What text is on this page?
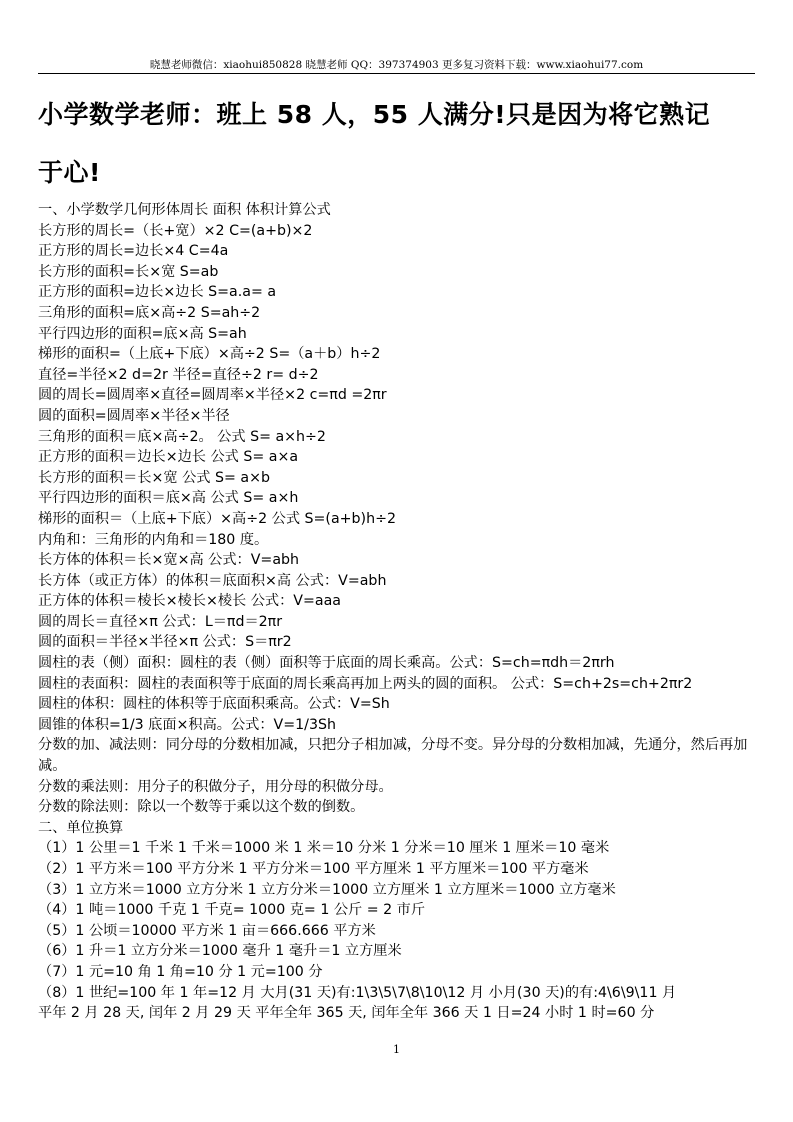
晓慧老师微信：xiaohui850828 晓慧老师 QQ：397374903 更多复习资料下载：www.xiaohui77.com
小学数学老师：班上 58 人，55 人满分!只是因为将它熟记
于心!
一、小学数学几何形体周长 面积 体积计算公式
长方形的周长=（长+宽）×2 C=(a+b)×2
正方形的周长=边长×4 C=4a
长方形的面积=长×宽 S=ab
正方形的面积=边长×边长 S=a.a= a
三角形的面积=底×高÷2 S=ah÷2
平行四边形的面积=底×高 S=ah
梯形的面积=（上底+下底）×高÷2 S=（a＋b）h÷2
直径=半径×2 d=2r 半径=直径÷2 r= d÷2
圆的周长=圆周率×直径=圆周率×半径×2 c=πd =2πr
圆的面积=圆周率×半径×半径
三角形的面积＝底×高÷2。 公式 S= a×h÷2
正方形的面积＝边长×边长 公式 S= a×a
长方形的面积＝长×宽 公式 S= a×b
平行四边形的面积＝底×高 公式 S= a×h
梯形的面积＝（上底+下底）×高÷2 公式 S=(a+b)h÷2
内角和：三角形的内角和＝180 度。
长方体的体积＝长×宽×高 公式：V=abh
长方体（或正方体）的体积＝底面积×高 公式：V=abh
正方体的体积＝棱长×棱长×棱长 公式：V=aaa
圆的周长＝直径×π 公式：L＝πd＝2πr
圆的面积＝半径×半径×π 公式：S＝πr2
圆柱的表（侧）面积：圆柱的表（侧）面积等于底面的周长乘高。公式：S=ch=πdh＝2πrh
圆柱的表面积：圆柱的表面积等于底面的周长乘高再加上两头的圆的面积。 公式：S=ch+2s=ch+2πr2
圆柱的体积：圆柱的体积等于底面积乘高。公式：V=Sh
圆锥的体积=1/3 底面×积高。公式：V=1/3Sh
分数的加、减法则：同分母的分数相加减，只把分子相加减，分母不变。异分母的分数相加减，先通分，然后再加减。
分数的乘法则：用分子的积做分子，用分母的积做分母。
分数的除法则：除以一个数等于乘以这个数的倒数。
二、单位换算
（1）1 公里＝1 千米 1 千米＝1000 米 1 米＝10 分米 1 分米＝10 厘米 1 厘米＝10 毫米
（2）1 平方米＝100 平方分米 1 平方分米＝100 平方厘米 1 平方厘米＝100 平方毫米
（3）1 立方米＝1000 立方分米 1 立方分米＝1000 立方厘米 1 立方厘米＝1000 立方毫米
（4）1 吨＝1000 千克 1 千克= 1000 克= 1 公斤 = 2 市斤
（5）1 公顷＝10000 平方米 1 亩＝666.666 平方米
（6）1 升＝1 立方分米＝1000 毫升 1 毫升＝1 立方厘米
（7）1 元=10 角 1 角=10 分 1 元=100 分
（8）1 世纪=100 年 1 年=12 月 大月(31 天)有:1\3\5\7\8\10\12 月 小月(30 天)的有:4\6\9\11 月
平年 2 月 28 天, 闰年 2 月 29 天 平年全年 365 天, 闰年全年 366 天 1 日=24 小时 1 时=60 分
1
